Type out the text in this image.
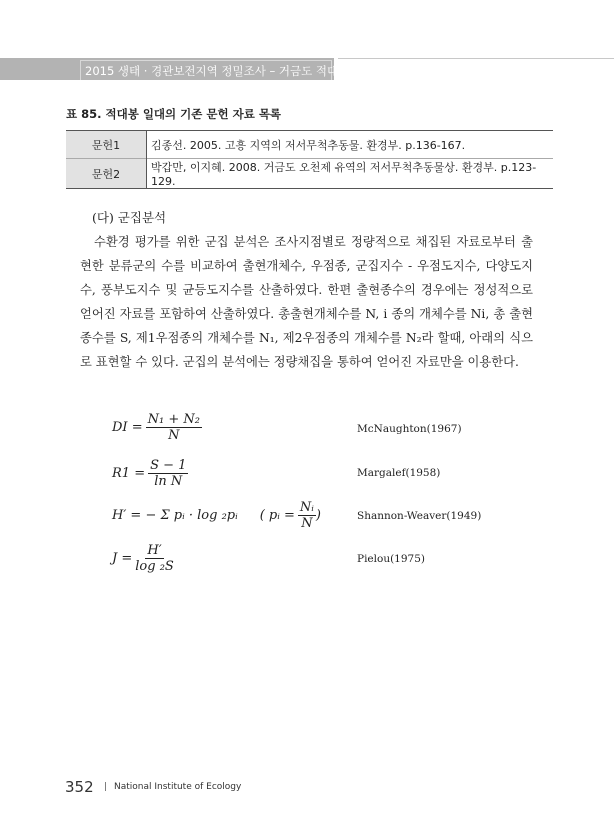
2015 생태 · 경관보전지역 정밀조사 – 거금도 적대봉
표 85. 적대봉 일대의 기존 문헌 자료 목록
문헌1	김종선. 2005. 고흥 지역의 저서무척추동물. 환경부. p.136-167.
문헌2	박갑만, 이지혜. 2008. 거금도 오천제 유역의 저서무척추동물상. 환경부. p.123-129.
(다) 군집분석
수환경 평가를 위한 군집 분석은 조사지점별로 정량적으로 채집된 자료로부터 출현한 분류군의 수를 비교하여 출현개체수, 우점종, 군집지수 - 우점도지수, 다양도지수, 풍부도지수 및 균등도지수를 산출하였다. 한편 출현종수의 경우에는 정성적으로 얻어진 자료를 포함하여 산출하였다. 총출현개체수를 N, i 종의 개체수를 Ni, 총 출현종수를 S, 제1우점종의 개체수를 N₁, 제2우점종의 개체수를 N₂라 할때, 아래의 식으로 표현할 수 있다. 군집의 분석에는 정량채집을 통하여 얻어진 자료만을 이용한다.
DI = $\frac{\text{N₁ + N₂}}{N}$	McNaughton(1967)
$R1 = \frac{S - 1}{\text{ln N}}$	Margalef(1958)
H′ = − Σ pᵢ · log ₂pᵢ ( pᵢ = $\frac{\text{Nᵢ}}{N}$ )	Shannon-Weaver(1949)
$J = \frac{H'}{\text{log ₂S}}$	Pielou(1975)
352 | National Institute of Ecology
